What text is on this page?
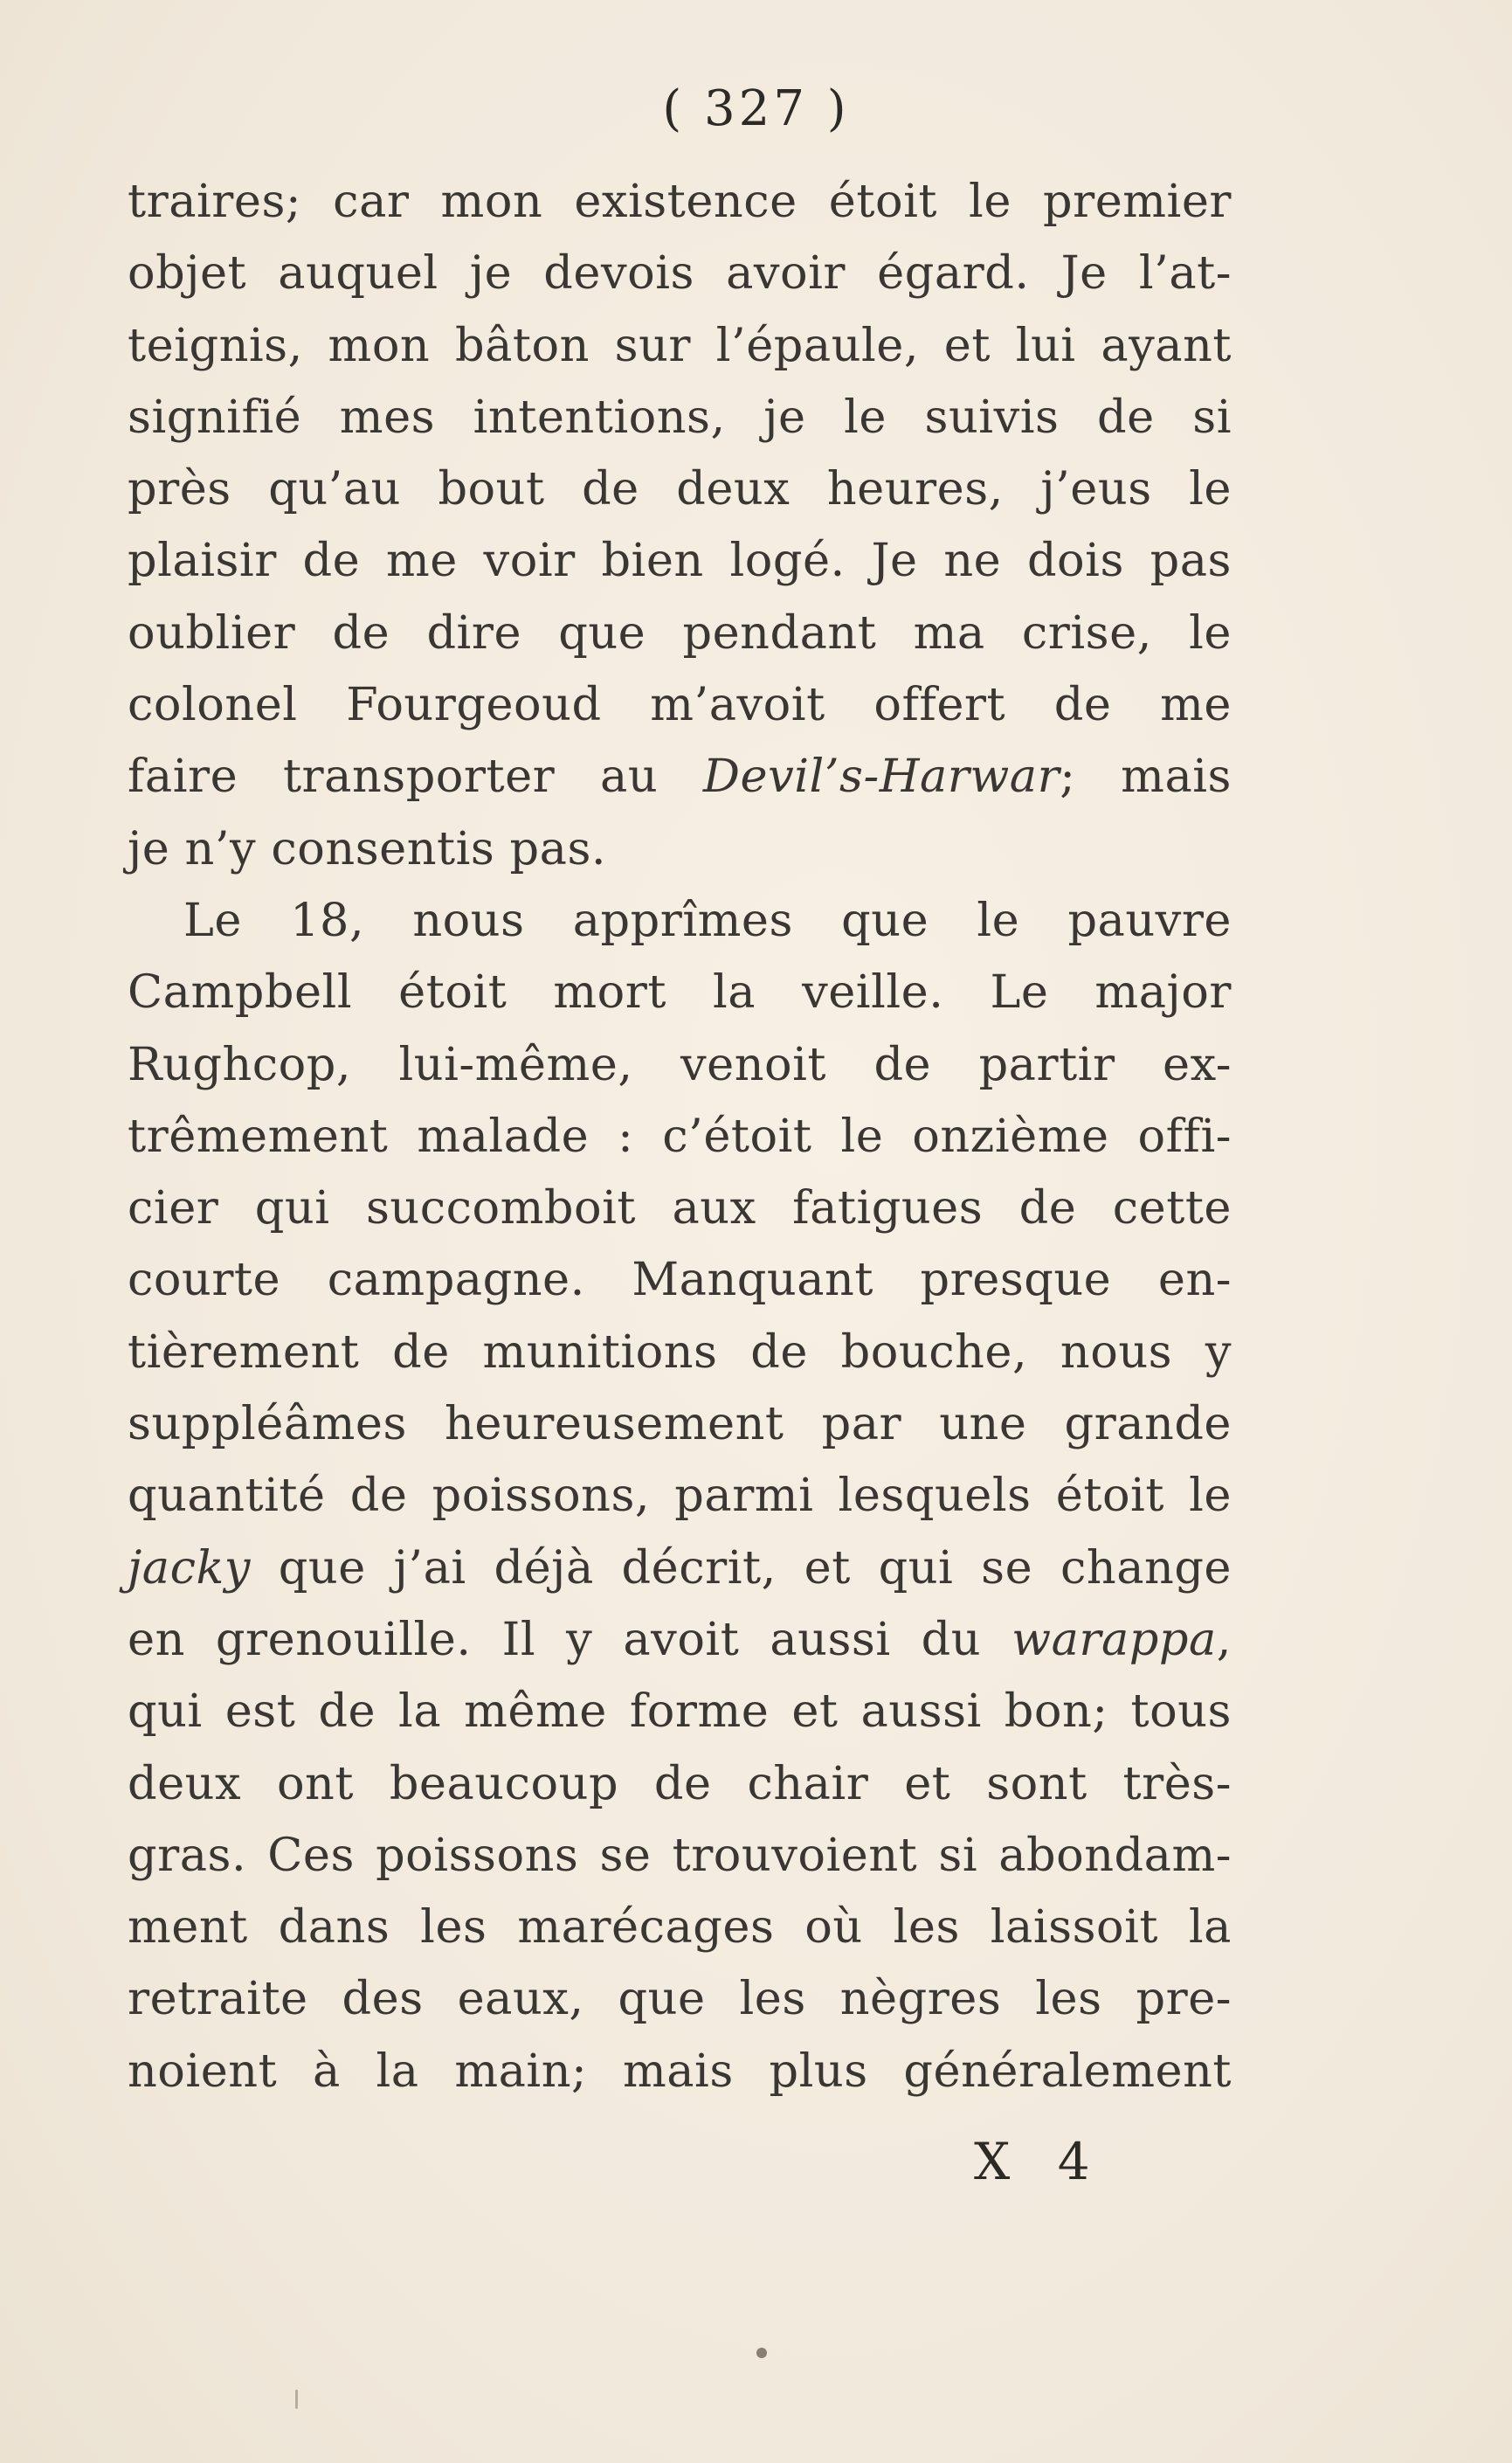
( 327 )
traires; car mon existence étoit le premier
objet auquel je devois avoir égard. Je l’at-
teignis, mon bâton sur l’épaule, et lui ayant
signifié mes intentions, je le suivis de si
près qu’au bout de deux heures, j’eus le
plaisir de me voir bien logé. Je ne dois pas
oublier de dire que pendant ma crise, le
colonel Fourgeoud m’avoit offert de me
faire transporter au Devil’s-Harwar; mais
je n’y consentis pas.
Le 18, nous apprîmes que le pauvre
Campbell étoit mort la veille. Le major
Rughcop, lui-même, venoit de partir ex-
trêmement malade : c’étoit le onzième offi-
cier qui succomboit aux fatigues de cette
courte campagne. Manquant presque en-
tièrement de munitions de bouche, nous y
suppléâmes heureusement par une grande
quantité de poissons, parmi lesquels étoit le
jacky que j’ai déjà décrit, et qui se change
en grenouille. Il y avoit aussi du warappa,
qui est de la même forme et aussi bon; tous
deux ont beaucoup de chair et sont très-
gras. Ces poissons se trouvoient si abondam-
ment dans les marécages où les laissoit la
retraite des eaux, que les nègres les pre-
noient à la main; mais plus généralement
X 4
